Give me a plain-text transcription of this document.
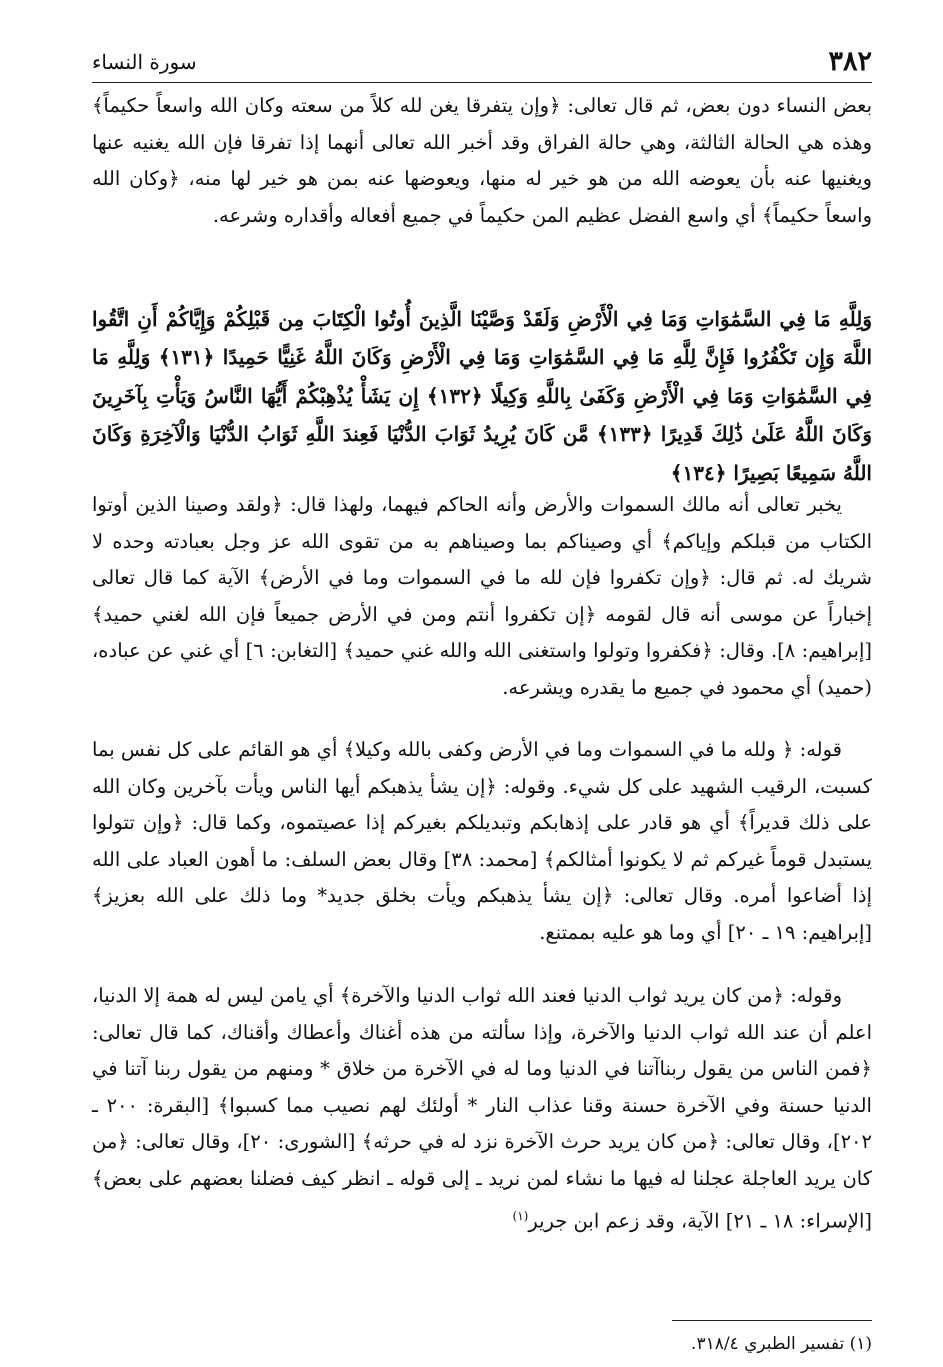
٣٨٢
سورة النساء

بعض النساء دون بعض، ثم قال تعالى: ﴿وإن يتفرقا يغن لله كلاً من سعته وكان الله واسعاً حكيماً﴾ وهذه هي الحالة الثالثة، وهي حالة الفراق وقد أخبر الله تعالى أنهما إذا تفرقا فإن الله يغنيه عنها ويغنيها عنه بأن يعوضه الله من هو خير له منها، ويعوضها عنه بمن هو خير لها منه، ﴿وكان الله واسعاً حكيماً﴾ أي واسع الفضل عظيم المن حكيماً في جميع أفعاله وأقداره وشرعه.

وَلِلَّهِ مَا فِي السَّمَٰوَاتِ وَمَا فِي الْأَرْضِ وَلَقَدْ وَصَّيْنَا الَّذِينَ أُوتُوا الْكِتَابَ مِن قَبْلِكُمْ وَإِيَّاكُمْ أَنِ اتَّقُوا اللَّهَ وَإِن تَكْفُرُوا فَإِنَّ لِلَّهِ مَا فِي السَّمَٰوَاتِ وَمَا فِي الْأَرْضِ وَكَانَ اللَّهُ غَنِيًّا حَمِيدًا ﴿١٣١﴾ وَلِلَّهِ مَا فِي السَّمَٰوَاتِ وَمَا فِي الْأَرْضِ وَكَفَىٰ بِاللَّهِ وَكِيلًا ﴿١٣٢﴾ إِن يَشَأْ يُذْهِبْكُمْ أَيُّهَا النَّاسُ وَيَأْتِ بِآخَرِينَ وَكَانَ اللَّهُ عَلَىٰ ذَٰلِكَ قَدِيرًا ﴿١٣٣﴾ مَّن كَانَ يُرِيدُ ثَوَابَ الدُّنْيَا فَعِندَ اللَّهِ ثَوَابُ الدُّنْيَا وَالْآخِرَةِ وَكَانَ اللَّهُ سَمِيعًا بَصِيرًا ﴿١٣٤﴾

يخبر تعالى أنه مالك السموات والأرض وأنه الحاكم فيهما، ولهذا قال: ﴿ولقد وصينا الذين أوتوا الكتاب من قبلكم وإياكم﴾ أي وصيناكم بما وصيناهم به من تقوى الله عز وجل بعبادته وحده لا شريك له. ثم قال: ﴿وإن تكفروا فإن لله ما في السموات وما في الأرض﴾ الآية كما قال تعالى إخباراً عن موسى أنه قال لقومه ﴿إن تكفروا أنتم ومن في الأرض جميعاً فإن الله لغني حميد﴾ [إبراهيم: ٨]. وقال: ﴿فكفروا وتولوا واستغنى الله والله غني حميد﴾ [التغابن: ٦] أي غني عن عباده، (حميد) أي محمود في جميع ما يقدره ويشرعه.

قوله: ﴿ ولله ما في السموات وما في الأرض وكفى بالله وكيلا﴾ أي هو القائم على كل نفس بما كسبت، الرقيب الشهيد على كل شيء. وقوله: ﴿إن يشأ يذهبكم أيها الناس ويأت بآخرين وكان الله على ذلك قديراً﴾ أي هو قادر على إذهابكم وتبديلكم بغيركم إذا عصيتموه، وكما قال: ﴿وإن تتولوا يستبدل قوماً غيركم ثم لا يكونوا أمثالكم﴾ [محمد: ٣٨] وقال بعض السلف: ما أهون العباد على الله إذا أضاعوا أمره. وقال تعالى: ﴿إن يشأ يذهبكم ويأت بخلق جديد* وما ذلك على الله بعزيز﴾ [إبراهيم: ١٩ ـ ٢٠] أي وما هو عليه بممتنع.

وقوله: ﴿من كان يريد ثواب الدنيا فعند الله ثواب الدنيا والآخرة﴾ أي يامن ليس له همة إلا الدنيا، اعلم أن عند الله ثواب الدنيا والآخرة، وإذا سألته من هذه أغناك وأعطاك وأقناك، كما قال تعالى: ﴿فمن الناس من يقول ربناآتنا في الدنيا وما له في الآخرة من خلاق * ومنهم من يقول ربنا آتنا في الدنيا حسنة وفي الآخرة حسنة وقنا عذاب النار * أولئك لهم نصيب مما كسبوا﴾ [البقرة: ٢٠٠ ـ ٢٠٢]، وقال تعالى: ﴿من كان يريد حرث الآخرة نزد له في حرثه﴾ [الشورى: ٢٠]، وقال تعالى: ﴿من كان يريد العاجلة عجلنا له فيها ما نشاء لمن نريد ـ إلى قوله ـ انظر كيف فضلنا بعضهم على بعض﴾ [الإسراء: ١٨ ـ ٢١] الآية، وقد زعم ابن جرير$^{(١)}$

(١) تفسير الطبري ٣١٨/٤.
